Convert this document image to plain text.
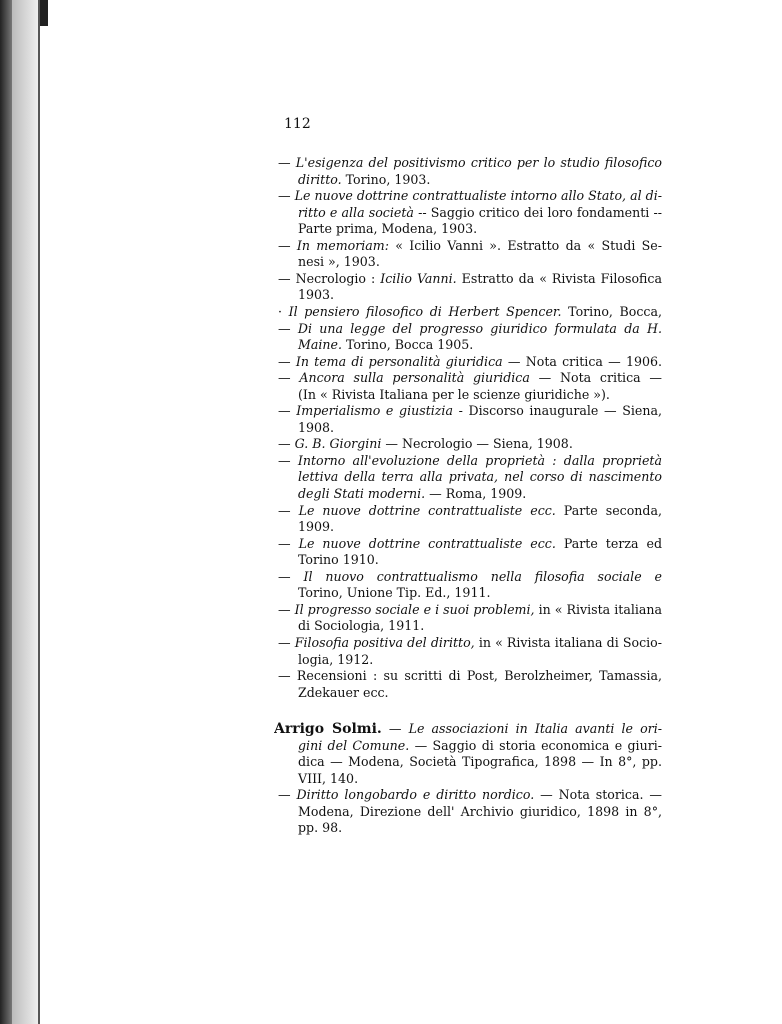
112
— L'esigenza del positivismo critico per lo studio filosofico
diritto. Torino, 1903.
— Le nuove dottrine contrattualiste intorno allo Stato, al di-
ritto e alla società -- Saggio critico dei loro fondamenti --
Parte prima, Modena, 1903.
— In memoriam: « Icilio Vanni ». Estratto da « Studi Se-
nesi », 1903.
— Necrologio : Icilio Vanni. Estratto da « Rivista Filosofica
1903.
· Il pensiero filosofico di Herbert Spencer. Torino, Bocca,
— Di una legge del progresso giuridico formulata da H.
Maine. Torino, Bocca 1905.
— In tema di personalità giuridica — Nota critica — 1906.
— Ancora sulla personalità giuridica — Nota critica —
(In « Rivista Italiana per le scienze giuridiche »).
— Imperialismo e giustizia - Discorso inaugurale — Siena,
1908.
— G. B. Giorgini — Necrologio — Siena, 1908.
— Intorno all'evoluzione della proprietà : dalla proprietà
lettiva della terra alla privata, nel corso di nascimento
degli Stati moderni. — Roma, 1909.
— Le nuove dottrine contrattualiste ecc. Parte seconda,
1909.
— Le nuove dottrine contrattualiste ecc. Parte terza ed
Torino 1910.
— Il nuovo contrattualismo nella filosofia sociale e
Torino, Unione Tip. Ed., 1911.
— Il progresso sociale e i suoi problemi, in « Rivista italiana
di Sociologia, 1911.
— Filosofia positiva del diritto, in « Rivista italiana di Socio-
logia, 1912.
— Recensioni : su scritti di Post, Berolzheimer, Tamassia,
Zdekauer ecc.
Arrigo Solmi. — Le associazioni in Italia avanti le ori-
gini del Comune. — Saggio di storia economica e giuri-
dica — Modena, Società Tipografica, 1898 — In 8°, pp.
VIII, 140.
— Diritto longobardo e diritto nordico. — Nota storica. —
Modena, Direzione dell' Archivio giuridico, 1898 in 8°,
pp. 98.
